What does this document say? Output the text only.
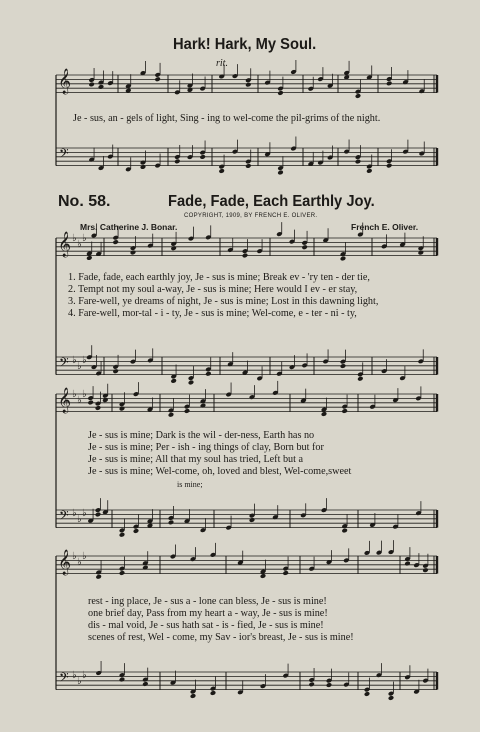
Hark! Hark, My Soul.
rit.
Je - sus, an - gels of light, Sing - ing to wel-come the pil-grims of the night.
No. 58.	Fade, Fade, Each Earthly Joy.
COPYRIGHT, 1909, BY FRENCH E. OLIVER.
Mrs. Catherine J. Bonar.	French E. Oliver.
1. Fade, fade, each earthly joy, Je - sus is mine; Break ev - 'ry ten - der tie,
2. Tempt not my soul a-way, Je - sus is mine; Here would I ev - er stay,
3. Fare-well, ye dreams of night, Je - sus is mine; Lost in this dawning light,
4. Fare-well, mor-tal - i - ty, Je - sus is mine; Wel-come, e - ter - ni - ty,
Je - sus is mine; Dark is the wil - der-ness, Earth has no
Je - sus is mine; Per - ish - ing things of clay, Born but for
Je - sus is mine; All that my soul has tried, Left but a
Je - sus is mine; Wel-come, oh, loved and blest, Wel-come,sweet
is mine;
rest - ing place, Je - sus a - lone can bless, Je - sus is mine!
one brief day, Pass from my heart a - way, Je - sus is mine!
dis - mal void, Je - sus hath sat - is - fied, Je - sus is mine!
scenes of rest, Wel - come, my Sav - ior's breast, Je - sus is mine!
𝄞
𝄢
𝄞
𝄢
♭
♭
♭
♭
♭
♭
𝄞
𝄢
♭
♭
♭
♭
♭
♭
𝄞
𝄢
♭
♭
♭
♭
♭
♭
